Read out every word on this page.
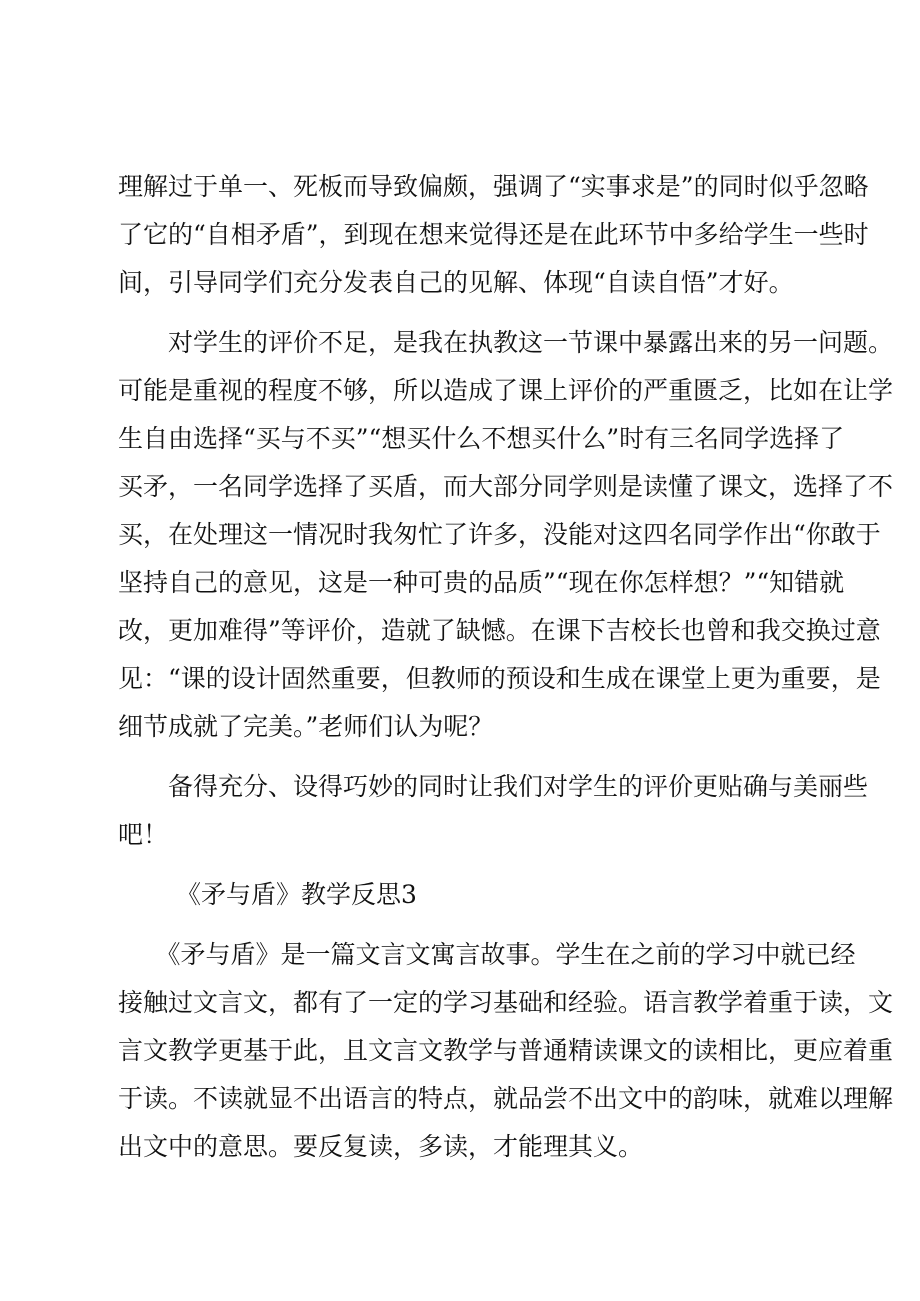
理解过于单一、死板而导致偏颇，强调了“实事求是”的同时似乎忽略
了它的“自相矛盾”，到现在想来觉得还是在此环节中多给学生一些时
间，引导同学们充分发表自己的见解、体现“自读自悟”才好。
　　对学生的评价不足，是我在执教这一节课中暴露出来的另一问题。
可能是重视的程度不够，所以造成了课上评价的严重匮乏，比如在让学
生自由选择“买与不买”“想买什么不想买什么”时有三名同学选择了
买矛，一名同学选择了买盾，而大部分同学则是读懂了课文，选择了不
买，在处理这一情况时我匆忙了许多，没能对这四名同学作出“你敢于
坚持自己的意见，这是一种可贵的品质”“现在你怎样想？”“知错就
改，更加难得”等评价，造就了缺憾。在课下吉校长也曾和我交换过意
见：“课的设计固然重要，但教师的预设和生成在课堂上更为重要，是
细节成就了完美。”老师们认为呢？
　　备得充分、设得巧妙的同时让我们对学生的评价更贴确与美丽些
吧！
《矛与盾》教学反思3
　　《矛与盾》是一篇文言文寓言故事。学生在之前的学习中就已经
接触过文言文，都有了一定的学习基础和经验。语言教学着重于读，文
言文教学更基于此，且文言文教学与普通精读课文的读相比，更应着重
于读。不读就显不出语言的特点，就品尝不出文中的韵味，就难以理解
出文中的意思。要反复读，多读，才能理其义。
